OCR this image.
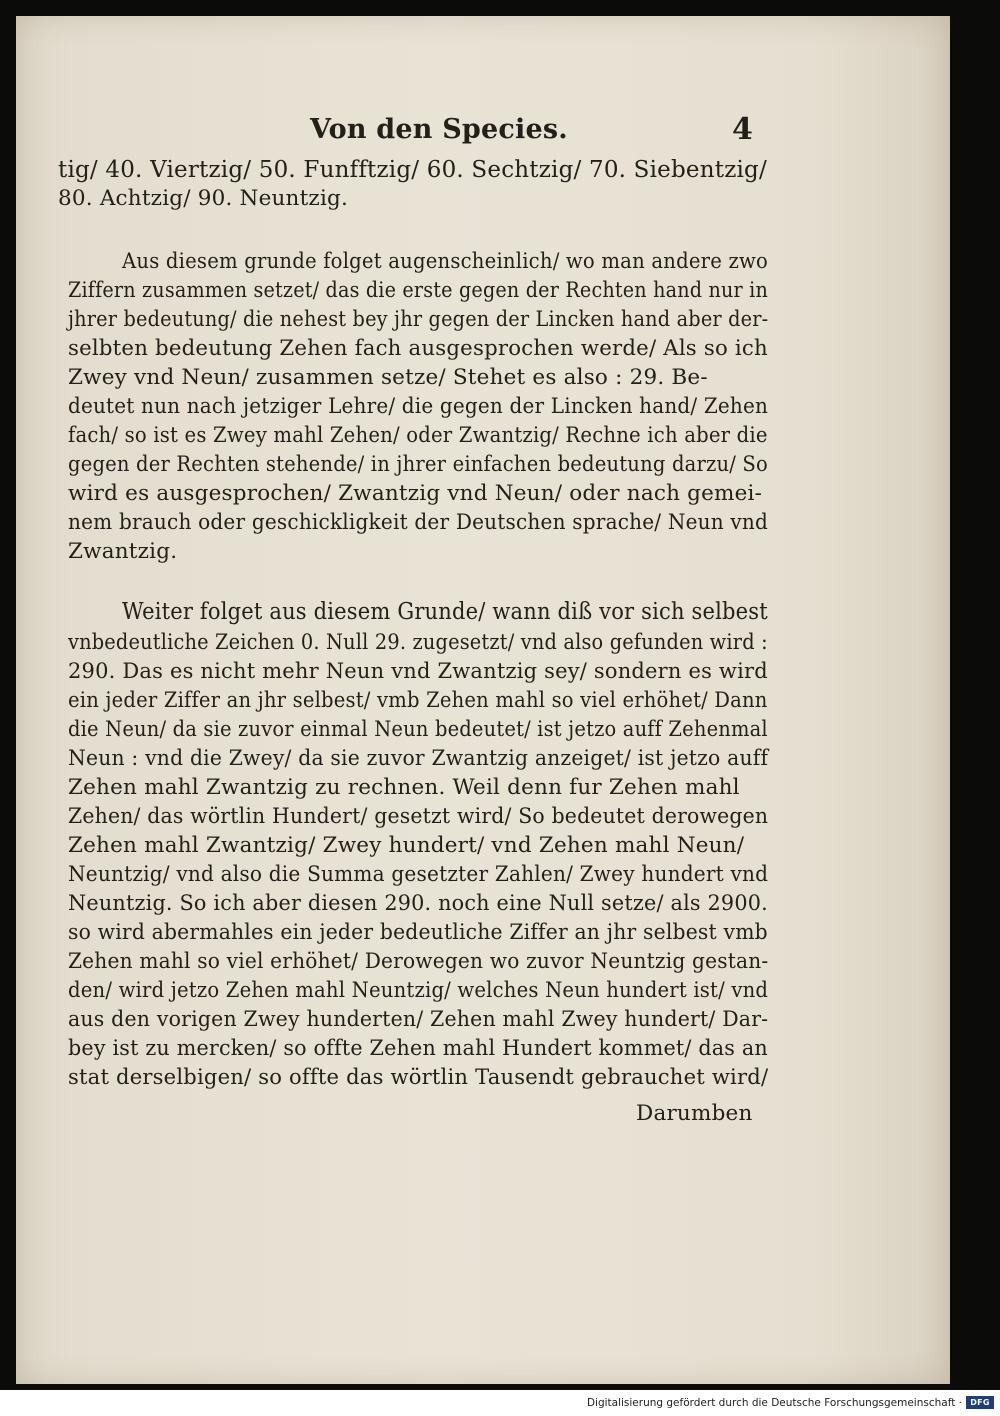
Von den Species.	4
tig/ 40. Viertzig/ 50. Funfftzig/ 60. Sechtzig/ 70. Siebentzig/
80. Achtzig/ 90. Neuntzig.
Aus diesem grunde folget augenscheinlich/ wo man andere zwo
Ziffern zusammen setzet/ das die erste gegen der Rechten hand nur in
jhrer bedeutung/ die nehest bey jhr gegen der Lincken hand aber der-
selbten bedeutung Zehen fach ausgesprochen werde/ Als so ich
Zwey vnd Neun/ zusammen setze/ Stehet es also : 29. Be-
deutet nun nach jetziger Lehre/ die gegen der Lincken hand/ Zehen
fach/ so ist es Zwey mahl Zehen/ oder Zwantzig/ Rechne ich aber die
gegen der Rechten stehende/ in jhrer einfachen bedeutung darzu/ So
wird es ausgesprochen/ Zwantzig vnd Neun/ oder nach gemei-
nem brauch oder geschickligkeit der Deutschen sprache/ Neun vnd
Zwantzig.
Weiter folget aus diesem Grunde/ wann diß vor sich selbest
vnbedeutliche Zeichen 0. Null 29. zugesetzt/ vnd also gefunden wird :
290. Das es nicht mehr Neun vnd Zwantzig sey/ sondern es wird
ein jeder Ziffer an jhr selbest/ vmb Zehen mahl so viel erhöhet/ Dann
die Neun/ da sie zuvor einmal Neun bedeutet/ ist jetzo auff Zehenmal
Neun : vnd die Zwey/ da sie zuvor Zwantzig anzeiget/ ist jetzo auff
Zehen mahl Zwantzig zu rechnen. Weil denn fur Zehen mahl
Zehen/ das wörtlin Hundert/ gesetzt wird/ So bedeutet derowegen
Zehen mahl Zwantzig/ Zwey hundert/ vnd Zehen mahl Neun/
Neuntzig/ vnd also die Summa gesetzter Zahlen/ Zwey hundert vnd
Neuntzig. So ich aber diesen 290. noch eine Null setze/ als 2900.
so wird abermahles ein jeder bedeutliche Ziffer an jhr selbest vmb
Zehen mahl so viel erhöhet/ Derowegen wo zuvor Neuntzig gestan-
den/ wird jetzo Zehen mahl Neuntzig/ welches Neun hundert ist/ vnd
aus den vorigen Zwey hunderten/ Zehen mahl Zwey hundert/ Dar-
bey ist zu mercken/ so offte Zehen mahl Hundert kommet/ das an
stat derselbigen/ so offte das wörtlin Tausendt gebrauchet wird/
Darumben
Digitalisierung gefördert durch die Deutsche Forschungsgemeinschaft ·	DFG
